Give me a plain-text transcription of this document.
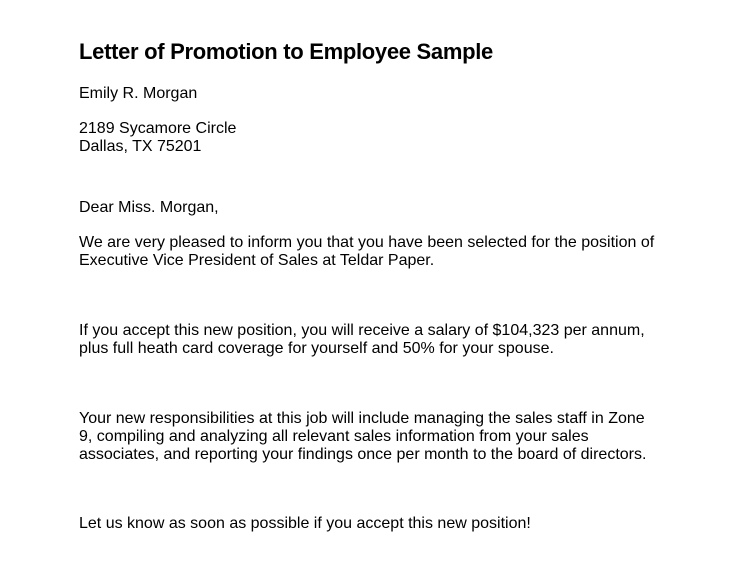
Letter of Promotion to Employee Sample

Emily R. Morgan

2189 Sycamore Circle

Dallas, TX 75201

Dear Miss. Morgan,

We are very pleased to inform you that you have been selected for the position of

Executive Vice President of Sales at Teldar Paper.

If you accept this new position, you will receive a salary of $104,323 per annum,

plus full heath card coverage for yourself and 50% for your spouse.

Your new responsibilities at this job will include managing the sales staff in Zone

9, compiling and analyzing all relevant sales information from your sales

associates, and reporting your findings once per month to the board of directors.

Let us know as soon as possible if you accept this new position!
